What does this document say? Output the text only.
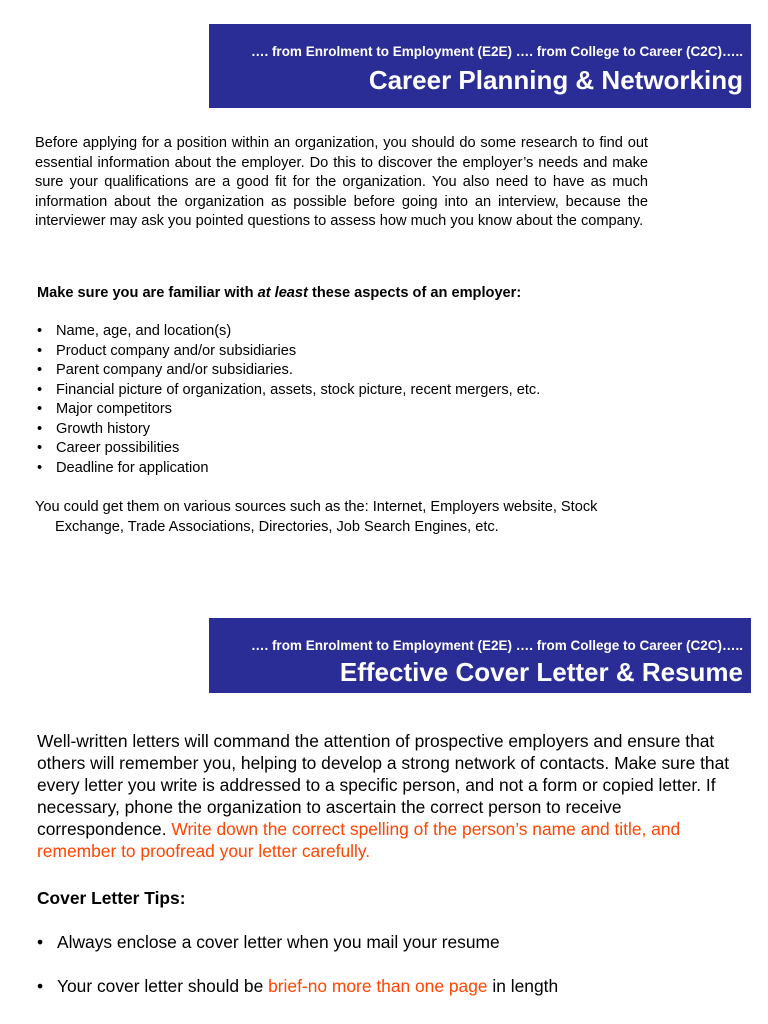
…. from Enrolment to Employment (E2E) …. from College to Career (C2C)…..
Career Planning & Networking
Before applying for a position within an organization, you should do some research to find out essential information about the employer. Do this to discover the employer’s needs and make sure your qualifications are a good fit for the organization. You also need to have as much information about the organization as possible before going into an interview, because the interviewer may ask you pointed questions to assess how much you know about the company.
Make sure you are familiar with at least these aspects of an employer:
• Name, age, and location(s)
• Product company and/or subsidiaries
• Parent company and/or subsidiaries.
• Financial picture of organization, assets, stock picture, recent mergers, etc.
• Major competitors
• Growth history
• Career possibilities
• Deadline for application
You could get them on various sources such as the: Internet, Employers website, Stock
Exchange, Trade Associations, Directories, Job Search Engines, etc.
…. from Enrolment to Employment (E2E) …. from College to Career (C2C)…..
Effective Cover Letter & Resume
Well-written letters will command the attention of prospective employers and ensure that others will remember you, helping to develop a strong network of contacts. Make sure that every letter you write is addressed to a specific person, and not a form or copied letter. If necessary, phone the organization to ascertain the correct person to receive correspondence. Write down the correct spelling of the person’s name and title, and remember to proofread your letter carefully.
Cover Letter Tips:
• Always enclose a cover letter when you mail your resume
• Your cover letter should be brief-no more than one page in length
